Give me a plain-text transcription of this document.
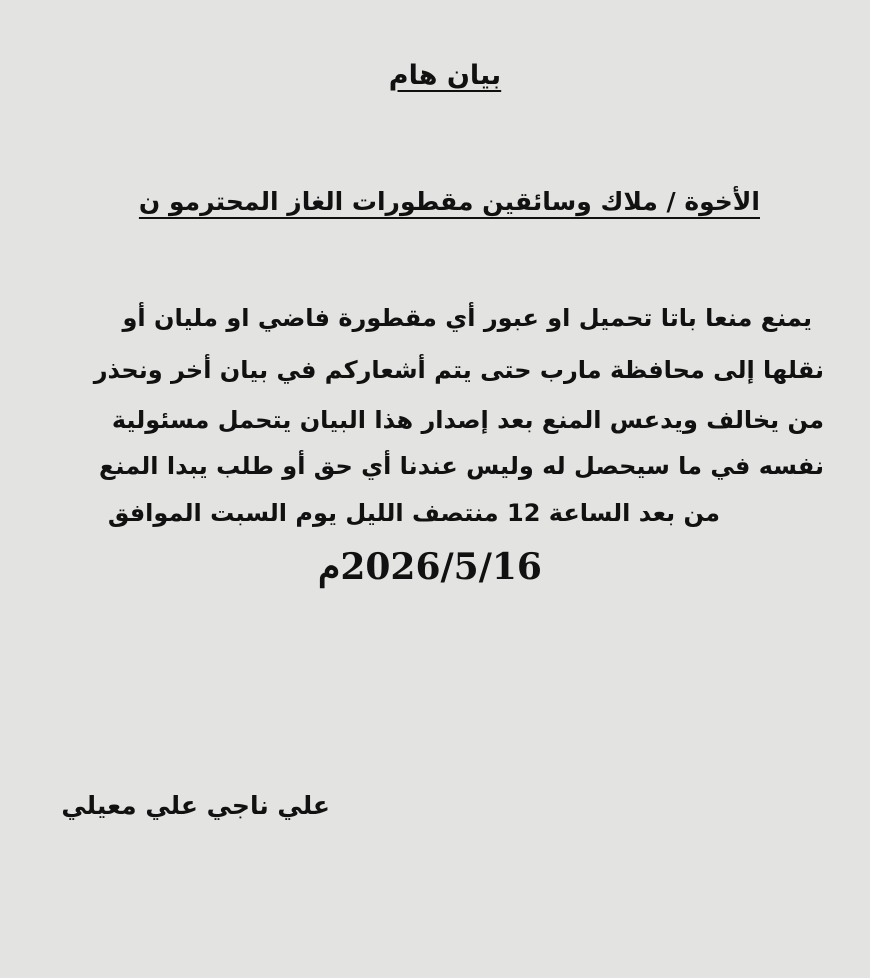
بيان هام
الأخوة / ملاك وسائقين مقطورات الغاز المحترمو ن
يمنع منعا باتا تحميل او عبور أي مقطورة فاضي او مليان أو
نقلها إلى محافظة مارب حتى يتم أشعاركم في بيان أخر ونحذر
من يخالف ويدعس المنع بعد إصدار هذا البيان يتحمل مسئولية
نفسه في ما سيحصل له وليس عندنا أي حق أو طلب يبدا المنع
من بعد الساعة 12 منتصف الليل يوم السبت الموافق
2026/5/16م
علي ناجي علي معيلي
